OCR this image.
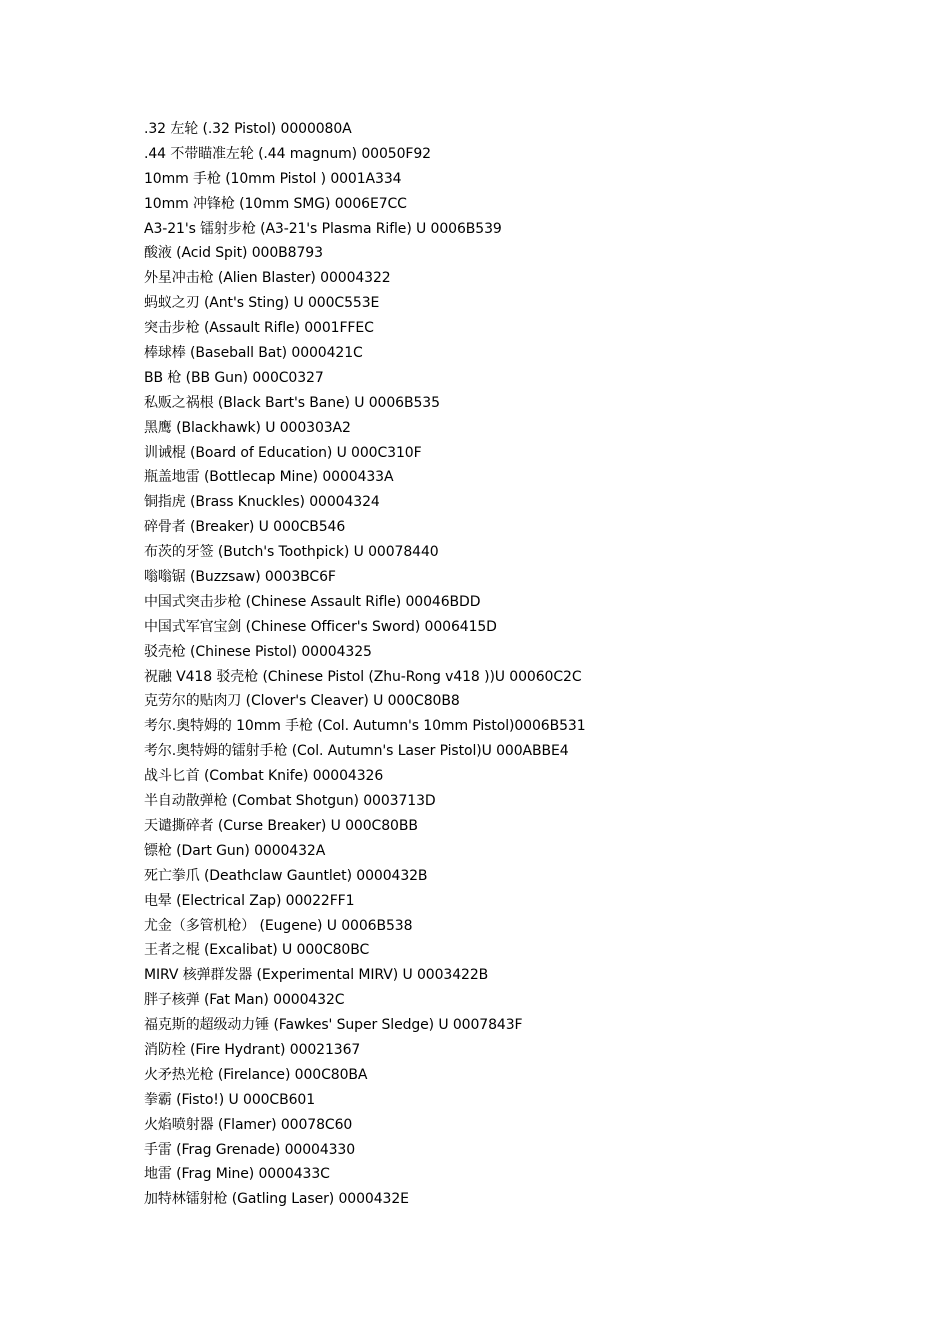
.32 左轮 (.32 Pistol) 0000080A
.44 不带瞄准左轮 (.44 magnum) 00050F92
10mm 手枪 (10mm Pistol ) 0001A334
10mm 冲锋枪 (10mm SMG) 0006E7CC
A3-21's 镭射步枪 (A3-21's Plasma Rifle) U 0006B539
酸液 (Acid Spit) 000B8793
外星冲击枪 (Alien Blaster) 00004322
蚂蚁之刃 (Ant's Sting) U 000C553E
突击步枪 (Assault Rifle) 0001FFEC
棒球棒 (Baseball Bat) 0000421C
BB 枪 (BB Gun) 000C0327
私贩之祸根 (Black Bart's Bane) U 0006B535
黑鹰 (Blackhawk) U 000303A2
训诫棍 (Board of Education) U 000C310F
瓶盖地雷 (Bottlecap Mine) 0000433A
铜指虎 (Brass Knuckles) 00004324
碎骨者 (Breaker) U 000CB546
布茨的牙签 (Butch's Toothpick) U 00078440
嗡嗡锯 (Buzzsaw) 0003BC6F
中国式突击步枪 (Chinese Assault Rifle) 00046BDD
中国式军官宝剑 (Chinese Officer's Sword) 0006415D
驳壳枪 (Chinese Pistol) 00004325
祝融 V418 驳壳枪 (Chinese Pistol (Zhu-Rong v418 ))U 00060C2C
克劳尔的贴肉刀 (Clover's Cleaver) U 000C80B8
考尔.奥特姆的 10mm 手枪 (Col. Autumn's 10mm Pistol)0006B531
考尔.奥特姆的镭射手枪 (Col. Autumn's Laser Pistol)U 000ABBE4
战斗匕首 (Combat Knife) 00004326
半自动散弹枪 (Combat Shotgun) 0003713D
天谴撕碎者 (Curse Breaker) U 000C80BB
镖枪 (Dart Gun) 0000432A
死亡拳爪 (Deathclaw Gauntlet) 0000432B
电晕 (Electrical Zap) 00022FF1
尤金（多管机枪） (Eugene) U 0006B538
王者之棍 (Excalibat) U 000C80BC
MIRV 核弹群发器 (Experimental MIRV) U 0003422B
胖子核弹 (Fat Man) 0000432C
福克斯的超级动力锤 (Fawkes' Super Sledge) U 0007843F
消防栓 (Fire Hydrant) 00021367
火矛热光枪 (Firelance) 000C80BA
拳霸 (Fisto!) U 000CB601
火焰喷射器 (Flamer) 00078C60
手雷 (Frag Grenade) 00004330
地雷 (Frag Mine) 0000433C
加特林镭射枪 (Gatling Laser) 0000432E
